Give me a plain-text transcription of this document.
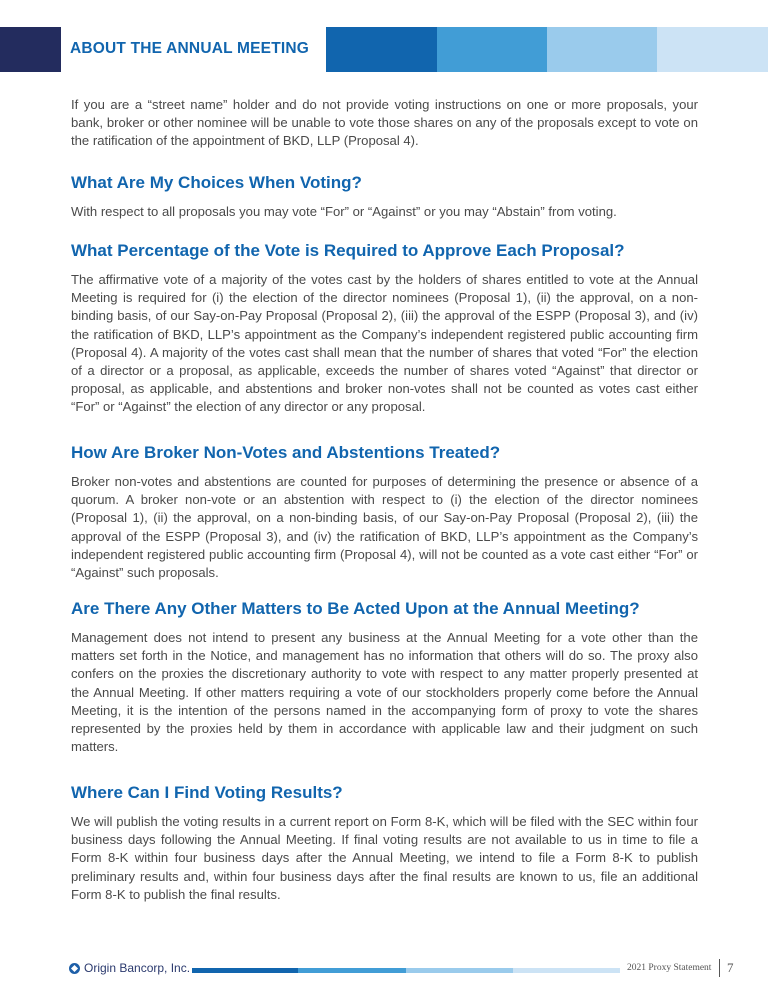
ABOUT THE ANNUAL MEETING

If you are a “street name” holder and do not provide voting instructions on one or more proposals, your bank, broker or other nominee will be unable to vote those shares on any of the proposals except to vote on the ratification of the appointment of BKD, LLP (Proposal 4).

What Are My Choices When Voting?

With respect to all proposals you may vote “For” or “Against” or you may “Abstain” from voting.

What Percentage of the Vote is Required to Approve Each Proposal?

The affirmative vote of a majority of the votes cast by the holders of shares entitled to vote at the Annual Meeting is required for (i) the election of the director nominees (Proposal 1), (ii) the approval, on a non-binding basis, of our Say-on-Pay Proposal (Proposal 2), (iii) the approval of the ESPP (Proposal 3), and (iv) the ratification of BKD, LLP’s appointment as the Company’s independent registered public accounting firm (Proposal 4). A majority of the votes cast shall mean that the number of shares that voted “For” the election of a director or a proposal, as applicable, exceeds the number of shares voted “Against” that director or proposal, as applicable, and abstentions and broker non-votes shall not be counted as votes cast either “For” or “Against” the election of any director or any proposal.

How Are Broker Non-Votes and Abstentions Treated?

Broker non-votes and abstentions are counted for purposes of determining the presence or absence of a quorum. A broker non-vote or an abstention with respect to (i) the election of the director nominees (Proposal 1), (ii) the approval, on a non-binding basis, of our Say-on-Pay Proposal (Proposal 2), (iii) the approval of the ESPP (Proposal 3), and (iv) the ratification of BKD, LLP’s appointment as the Company’s independent registered public accounting firm (Proposal 4), will not be counted as a vote cast either “For” or “Against” such proposals.

Are There Any Other Matters to Be Acted Upon at the Annual Meeting?

Management does not intend to present any business at the Annual Meeting for a vote other than the matters set forth in the Notice, and management has no information that others will do so. The proxy also confers on the proxies the discretionary authority to vote with respect to any matter properly presented at the Annual Meeting. If other matters requiring a vote of our stockholders properly come before the Annual Meeting, it is the intention of the persons named in the accompanying form of proxy to vote the shares represented by the proxies held by them in accordance with applicable law and their judgment on such matters.

Where Can I Find Voting Results?

We will publish the voting results in a current report on Form 8-K, which will be filed with the SEC within four business days following the Annual Meeting. If final voting results are not available to us in time to file a Form 8-K within four business days after the Annual Meeting, we intend to file a Form 8-K to publish preliminary results and, within four business days after the final results are known to us, file an additional Form 8-K to publish the final results.

Origin Bancorp, Inc.	2021 Proxy Statement 7
